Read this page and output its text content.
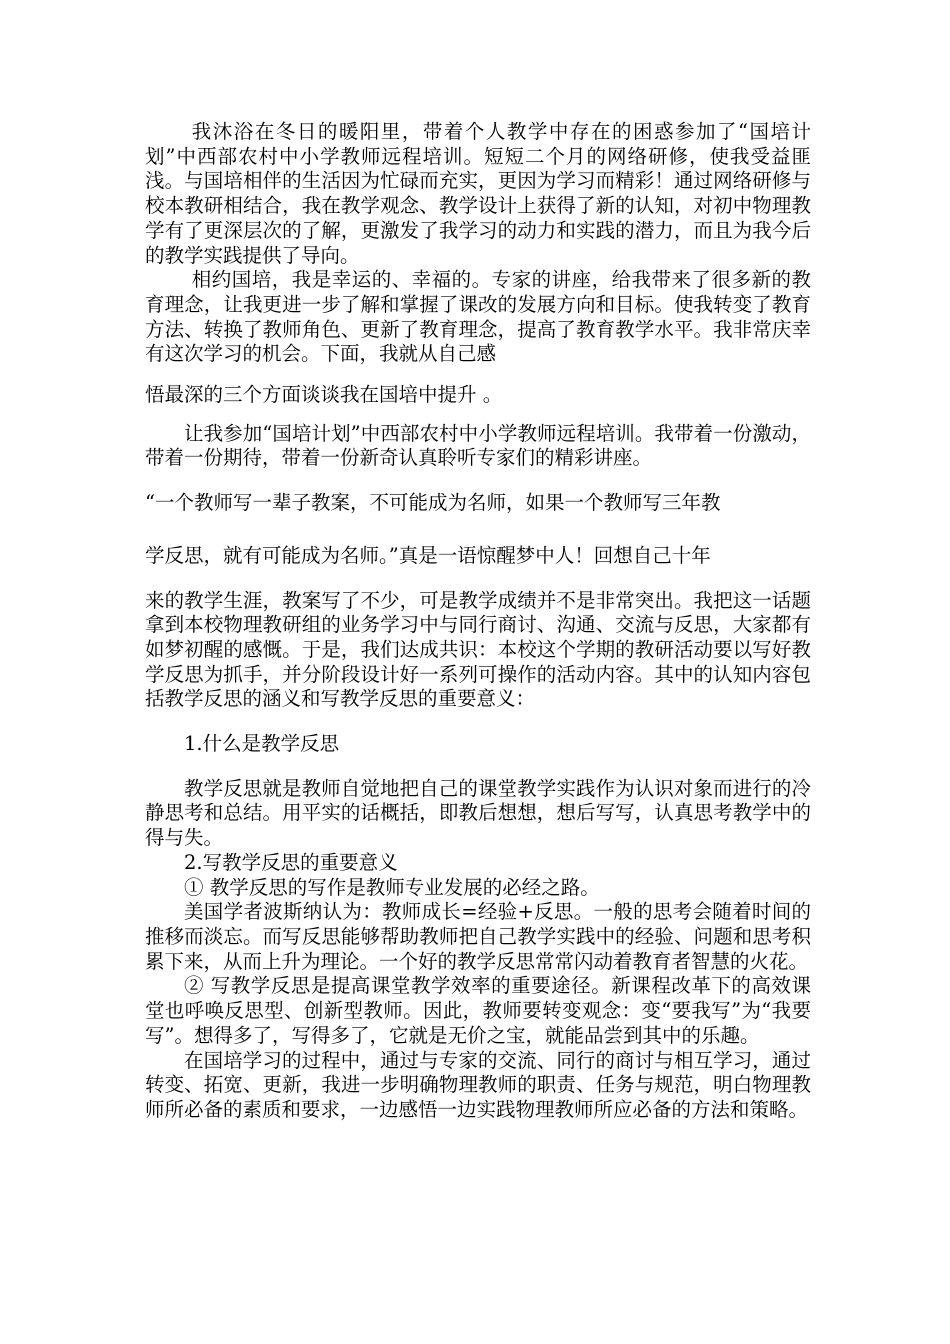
我沐浴在冬日的暖阳里，带着个人教学中存在的困惑参加了“国培计划”中西部农村中小学教师远程培训。短短二个月的网络研修，使我受益匪浅。与国培相伴的生活因为忙碌而充实，更因为学习而精彩！通过网络研修与校本教研相结合，我在教学观念、教学设计上获得了新的认知，对初中物理教学有了更深层次的了解，更激发了我学习的动力和实践的潜力，而且为我今后的教学实践提供了导向。

相约国培，我是幸运的、幸福的。专家的讲座，给我带来了很多新的教育理念，让我更进一步了解和掌握了课改的发展方向和目标。使我转变了教育方法、转换了教师角色、更新了教育理念，提高了教育教学水平。我非常庆幸有这次学习的机会。下面，我就从自己感

悟最深的三个方面谈谈我在国培中提升 。

让我参加“国培计划”中西部农村中小学教师远程培训。我带着一份激动，带着一份期待，带着一份新奇认真聆听专家们的精彩讲座。

“一个教师写一辈子教案，不可能成为名师，如果一个教师写三年教

学反思，就有可能成为名师。”真是一语惊醒梦中人！回想自己十年

来的教学生涯，教案写了不少，可是教学成绩并不是非常突出。我把这一话题拿到本校物理教研组的业务学习中与同行商讨、沟通、交流与反思，大家都有如梦初醒的感慨。于是，我们达成共识：本校这个学期的教研活动要以写好教学反思为抓手，并分阶段设计好一系列可操作的活动内容。其中的认知内容包括教学反思的涵义和写教学反思的重要意义：

1.什么是教学反思

教学反思就是教师自觉地把自己的课堂教学实践作为认识对象而进行的冷静思考和总结。用平实的话概括，即教后想想，想后写写，认真思考教学中的得与失。

2.写教学反思的重要意义

① 教学反思的写作是教师专业发展的必经之路。

美国学者波斯纳认为：教师成长=经验+反思。一般的思考会随着时间的推移而淡忘。而写反思能够帮助教师把自己教学实践中的经验、问题和思考积累下来，从而上升为理论。一个好的教学反思常常闪动着教育者智慧的火花。

② 写教学反思是提高课堂教学效率的重要途径。新课程改革下的高效课堂也呼唤反思型、创新型教师。因此，教师要转变观念：变“要我写”为“我要写”。想得多了，写得多了，它就是无价之宝，就能品尝到其中的乐趣。

在国培学习的过程中，通过与专家的交流、同行的商讨与相互学习，通过转变、拓宽、更新，我进一步明确物理教师的职责、任务与规范，明白物理教师所必备的素质和要求，一边感悟一边实践物理教师所应必备的方法和策略。
